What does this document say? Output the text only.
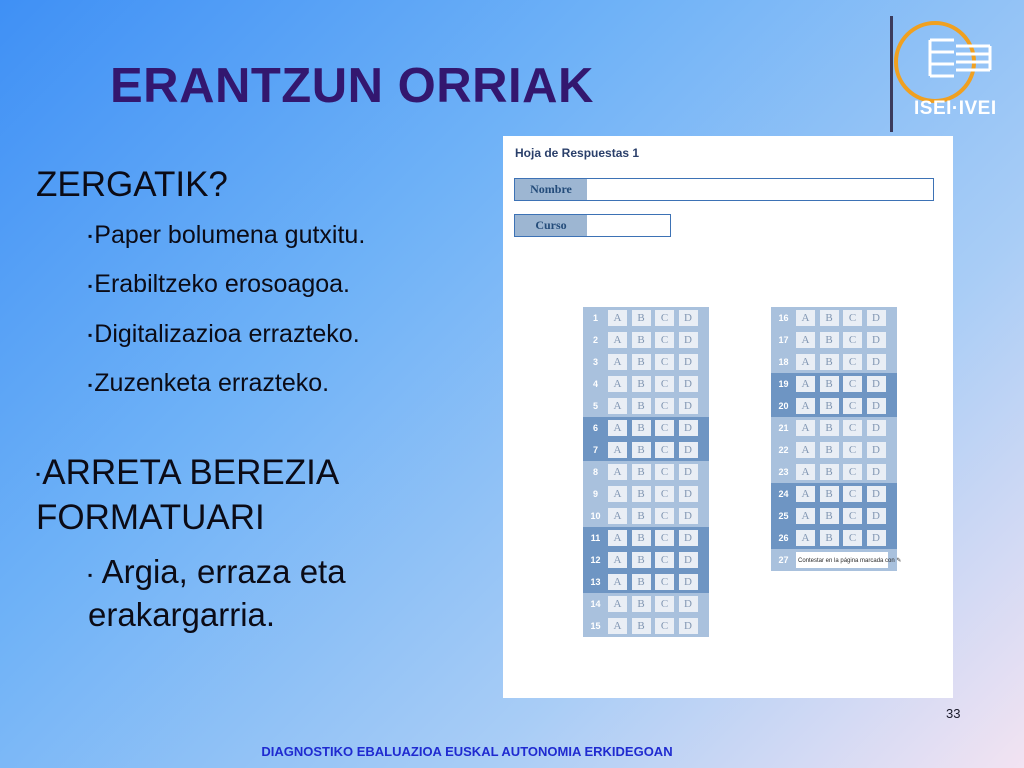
ERANTZUN ORRIAK	ISEI·IVEI

ZERGATIK?

▪Paper bolumena gutxitu.

▪Erabiltzeko erosoagoa.

▪Digitalizazioa errazteko.

▪Zuzenketa errazteko.

▪ARRETA BEREZIA

FORMATUARI

▪ Argia, erraza eta

erakargarria.

Hoja de Respuestas 1
Nombre
Curso
1	A	B	C	D
2	A	B	C	D
3	A	B	C	D
4	A	B	C	D
5	A	B	C	D
6	A	B	C	D
7	A	B	C	D
8	A	B	C	D
9	A	B	C	D
10	A	B	C	D
11	A	B	C	D
12	A	B	C	D
13	A	B	C	D
14	A	B	C	D
15	A	B	C	D
16	A	B	C	D
17	A	B	C	D
18	A	B	C	D
19	A	B	C	D
20	A	B	C	D
21	A	B	C	D
22	A	B	C	D
23	A	B	C	D
24	A	B	C	D
25	A	B	C	D
26	A	B	C	D
27	Contestar en la página marcada con ✎
33
DIAGNOSTIKO EBALUAZIOA EUSKAL AUTONOMIA ERKIDEGOAN
